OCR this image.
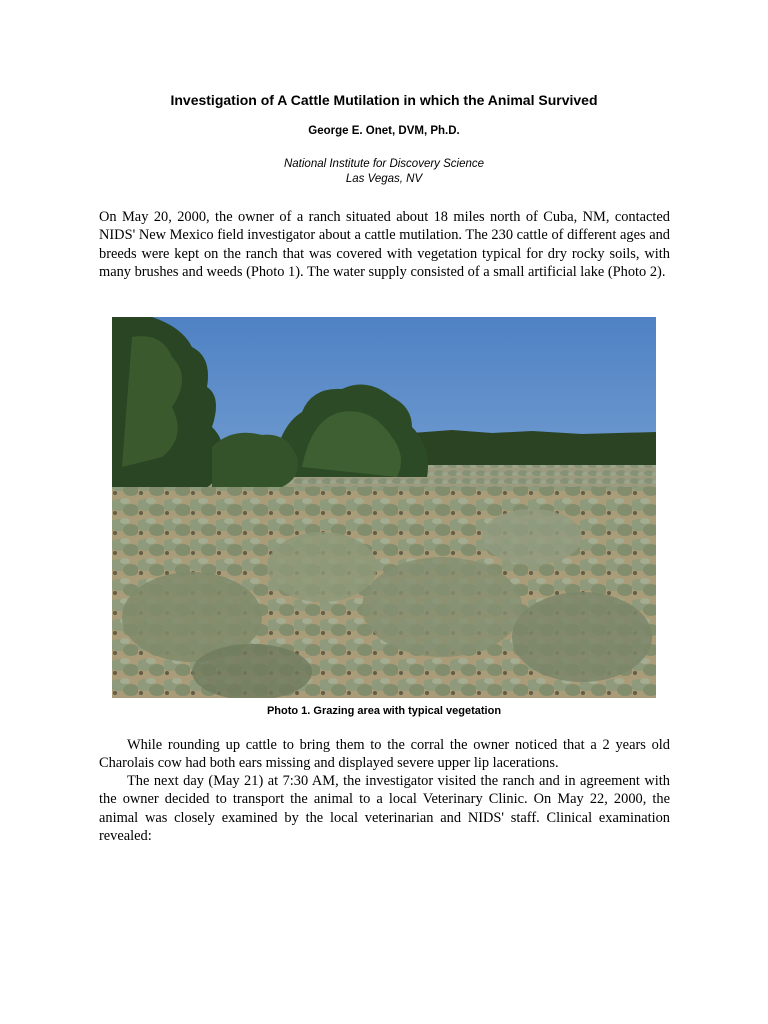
Investigation of A Cattle Mutilation in which the Animal Survived
George E. Onet, DVM, Ph.D.
National Institute for Discovery Science
Las Vegas, NV

On May 20, 2000, the owner of a ranch situated about 18 miles north of Cuba, NM, contacted NIDS' New Mexico field investigator about a cattle mutilation. The 230 cattle of different ages and breeds were kept on the ranch that was covered with vegetation typical for dry rocky soils, with many brushes and weeds (Photo 1). The water supply consisted of a small artificial lake (Photo 2).

Photo 1. Grazing area with typical vegetation

While rounding up cattle to bring them to the corral the owner noticed that a 2 years old Charolais cow had both ears missing and displayed severe upper lip lacerations.

The next day (May 21) at 7:30 AM, the investigator visited the ranch and in agreement with the owner decided to transport the animal to a local Veterinary Clinic. On May 22, 2000, the animal was closely examined by the local veterinarian and NIDS' staff. Clinical examination revealed:
